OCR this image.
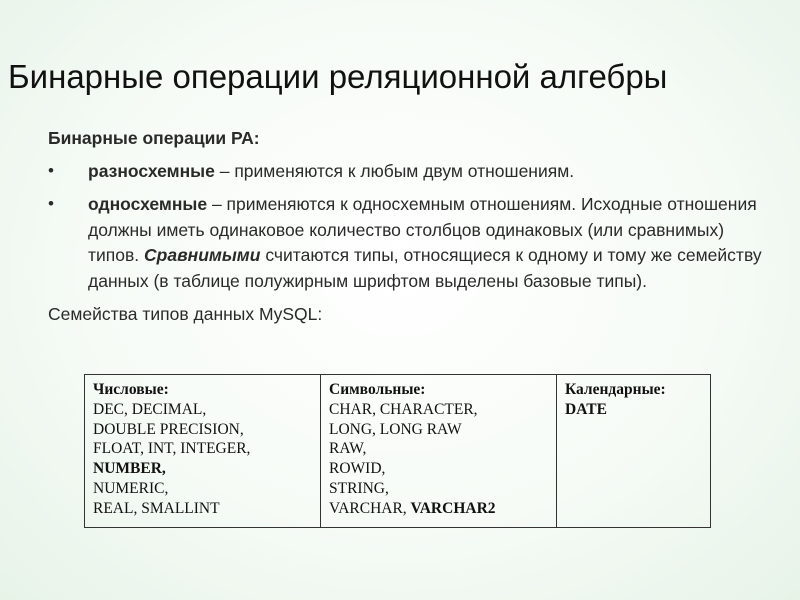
Бинарные операции реляционной алгебры

Бинарные операции РА:

• разносхемные – применяются к любым двум отношениям.
• односхемные – применяются к односхемным отношениям. Исходные отношения должны иметь одинаковое количество столбцов одинаковых (или сравнимых) типов. Сравнимыми считаются типы, относящиеся к одному и тому же семейству данных (в таблице полужирным шрифтом выделены базовые типы).

Семейства типов данных MySQL:

Числовые:
DEC, DECIMAL,
DOUBLE PRECISION,
FLOAT, INT, INTEGER,
NUMBER,
NUMERIC,
REAL, SMALLINT

Символьные:
CHAR, CHARACTER,
LONG, LONG RAW
RAW,
ROWID,
STRING,
VARCHAR, VARCHAR2

Календарные:
DATE
